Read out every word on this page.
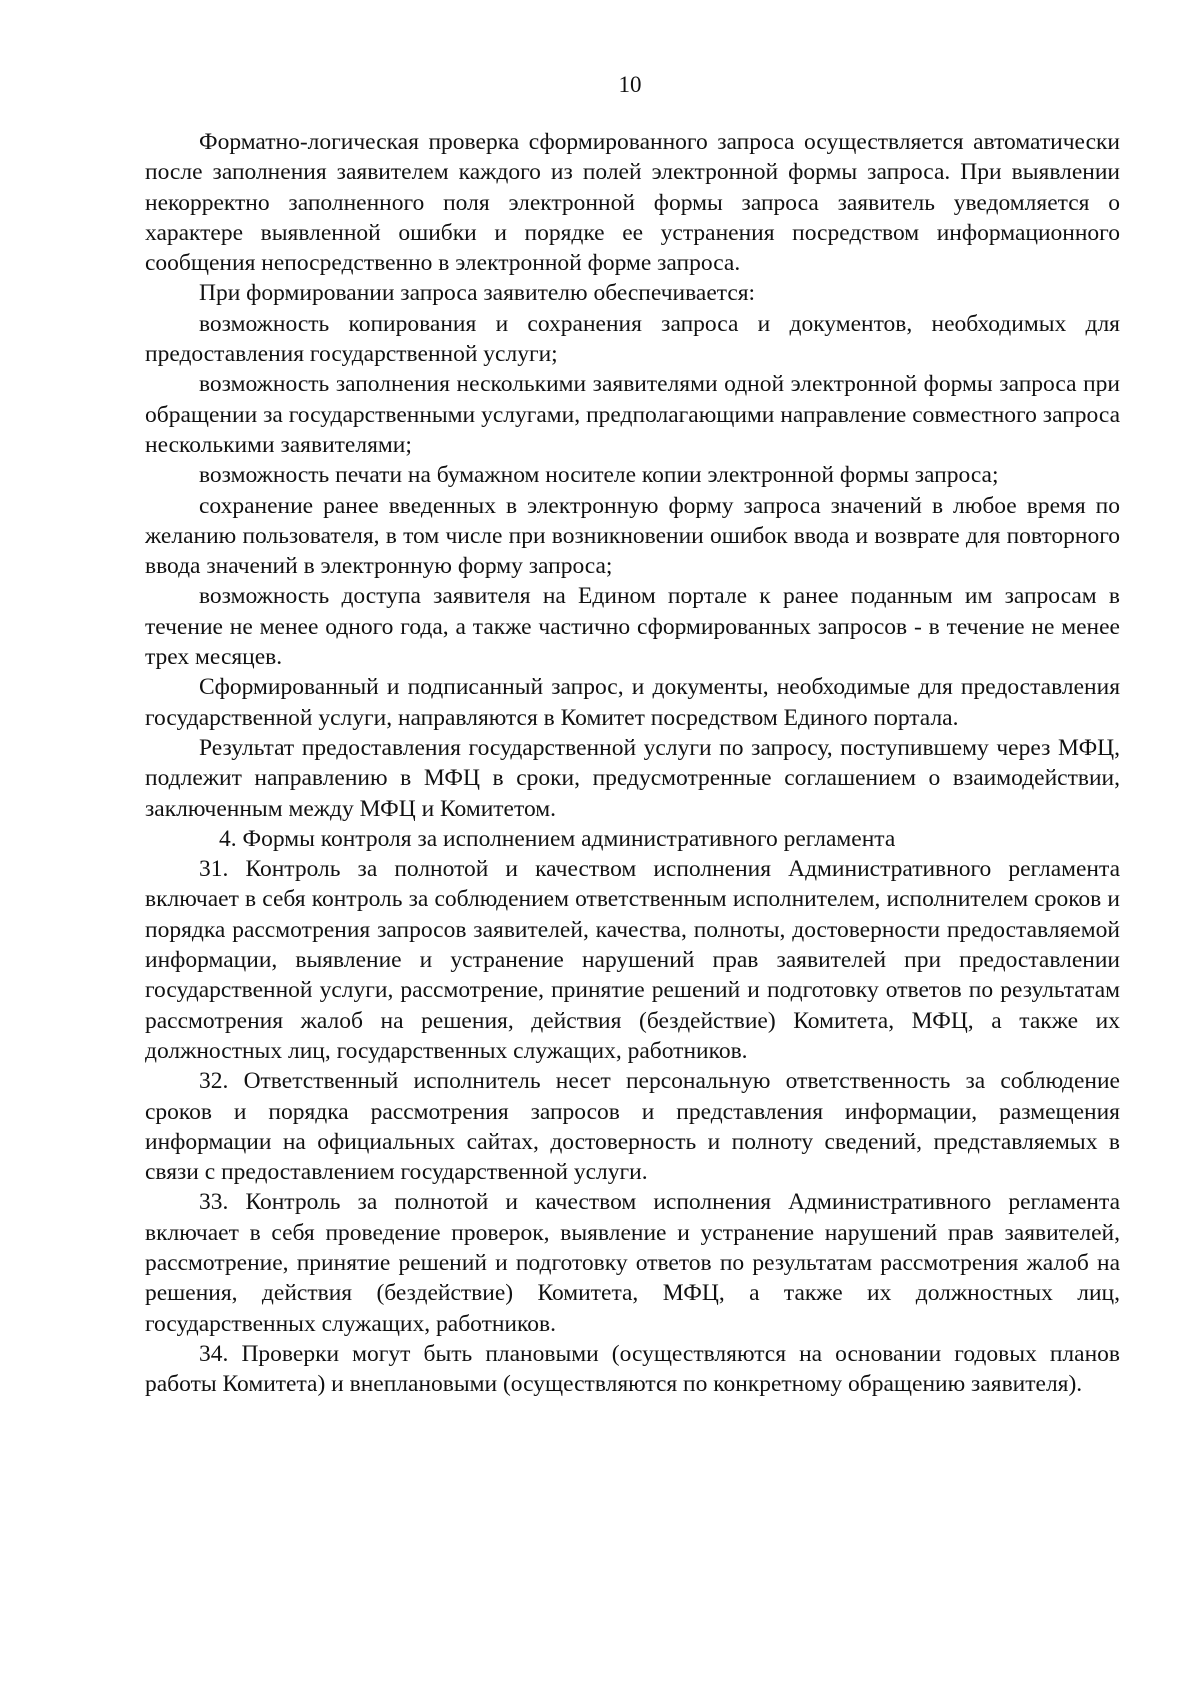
10

Форматно-логическая проверка сформированного запроса осуществляется автоматически после заполнения заявителем каждого из полей электронной формы запроса. При выявлении некорректно заполненного поля электронной формы запроса заявитель уведомляется о характере выявленной ошибки и порядке ее устранения посредством информационного сообщения непосредственно в электронной форме запроса.

При формировании запроса заявителю обеспечивается:

возможность копирования и сохранения запроса и документов, необходимых для предоставления государственной услуги;

возможность заполнения несколькими заявителями одной электронной формы запроса при обращении за государственными услугами, предполагающими направление совместного запроса несколькими заявителями;

возможность печати на бумажном носителе копии электронной формы запроса;

сохранение ранее введенных в электронную форму запроса значений в любое время по желанию пользователя, в том числе при возникновении ошибок ввода и возврате для повторного ввода значений в электронную форму запроса;

возможность доступа заявителя на Едином портале к ранее поданным им запросам в течение не менее одного года, а также частично сформированных запросов - в течение не менее трех месяцев.

Сформированный и подписанный запрос, и документы, необходимые для предоставления государственной услуги, направляются в Комитет посредством Единого портала.

Результат предоставления государственной услуги по запросу, поступившему через МФЦ, подлежит направлению в МФЦ в сроки, предусмотренные соглашением о взаимодействии, заключенным между МФЦ и Комитетом.

4. Формы контроля за исполнением административного регламента

31. Контроль за полнотой и качеством исполнения Административного регламента включает в себя контроль за соблюдением ответственным исполнителем, исполнителем сроков и порядка рассмотрения запросов заявителей, качества, полноты, достоверности предоставляемой информации, выявление и устранение нарушений прав заявителей при предоставлении государственной услуги, рассмотрение, принятие решений и подготовку ответов по результатам рассмотрения жалоб на решения, действия (бездействие) Комитета, МФЦ, а также их должностных лиц, государственных служащих, работников.

32. Ответственный исполнитель несет персональную ответственность за соблюдение сроков и порядка рассмотрения запросов и представления информации, размещения информации на официальных сайтах, достоверность и полноту сведений, представляемых в связи с предоставлением государственной услуги.

33. Контроль за полнотой и качеством исполнения Административного регламента включает в себя проведение проверок, выявление и устранение нарушений прав заявителей, рассмотрение, принятие решений и подготовку ответов по результатам рассмотрения жалоб на решения, действия (бездействие) Комитета, МФЦ, а также их должностных лиц, государственных служащих, работников.

34. Проверки могут быть плановыми (осуществляются на основании годовых планов работы Комитета) и внеплановыми (осуществляются по конкретному обращению заявителя).
